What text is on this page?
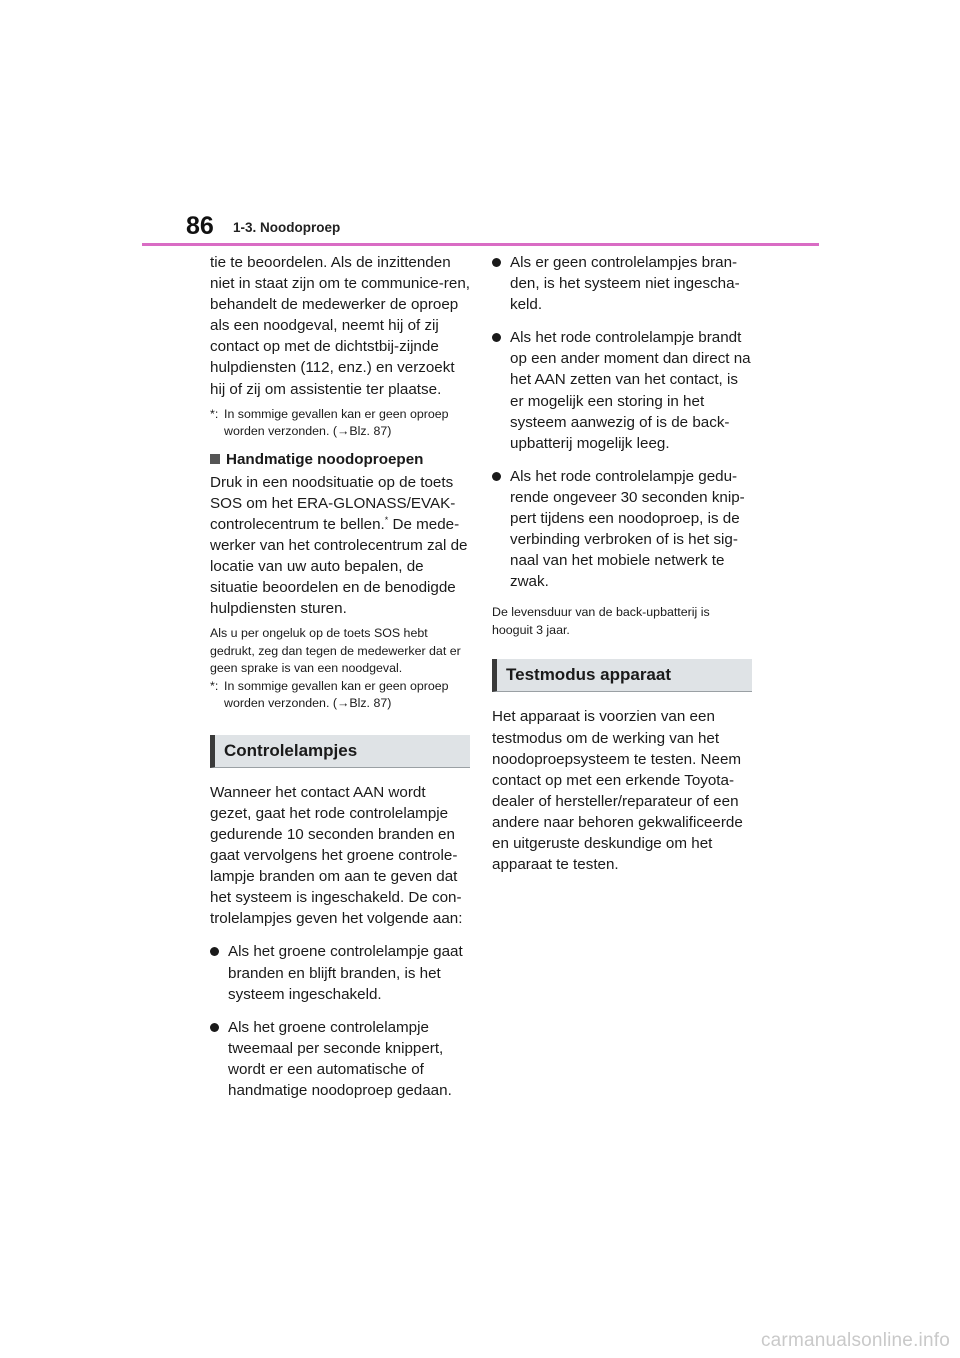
86 1-3. Noodoproep

tie te beoordelen. Als de inzittenden niet in staat zijn om te communice-ren, behandelt de medewerker de oproep als een noodgeval, neemt hij of zij contact op met de dichtstbij-zijnde hulpdiensten (112, enz.) en verzoekt hij of zij om assistentie ter plaatse.

*: In sommige gevallen kan er geen oproep worden verzonden. (→Blz. 87)
Handmatige noodoproepen

Druk in een noodsituatie op de toets SOS om het ERA-GLONASS/EVAK-controlecentrum te bellen.* De mede-werker van het controlecentrum zal de locatie van uw auto bepalen, de situatie beoordelen en de benodigde hulpdiensten sturen.

Als u per ongeluk op de toets SOS hebt gedrukt, zeg dan tegen de medewerker dat er geen sprake is van een noodgeval.

*: In sommige gevallen kan er geen oproep worden verzonden. (→Blz. 87)
Controlelampjes

Wanneer het contact AAN wordt gezet, gaat het rode controlelampje gedurende 10 seconden branden en gaat vervolgens het groene controle-lampje branden om aan te geven dat het systeem is ingeschakeld. De con-trolelampjes geven het volgende aan:

Als het groene controlelampje gaat branden en blijft branden, is het systeem ingeschakeld.
Als het groene controlelampje tweemaal per seconde knippert, wordt er een automatische of handmatige noodoproep gedaan.
Als er geen controlelampjes bran-den, is het systeem niet ingescha-keld.
Als het rode controlelampje brandt op een ander moment dan direct na het AAN zetten van het contact, is er mogelijk een storing in het systeem aanwezig of is de back-upbatterij mogelijk leeg.
Als het rode controlelampje gedu-rende ongeveer 30 seconden knip-pert tijdens een noodoproep, is de verbinding verbroken of is het sig-naal van het mobiele netwerk te zwak.

De levensduur van de back-upbatterij is hooguit 3 jaar.

Testmodus apparaat

Het apparaat is voorzien van een testmodus om de werking van het noodoproepsysteem te testen. Neem contact op met een erkende Toyota-dealer of hersteller/reparateur of een andere naar behoren gekwalificeerde en uitgeruste deskundige om het apparaat te testen.

carmanualsonline.info
